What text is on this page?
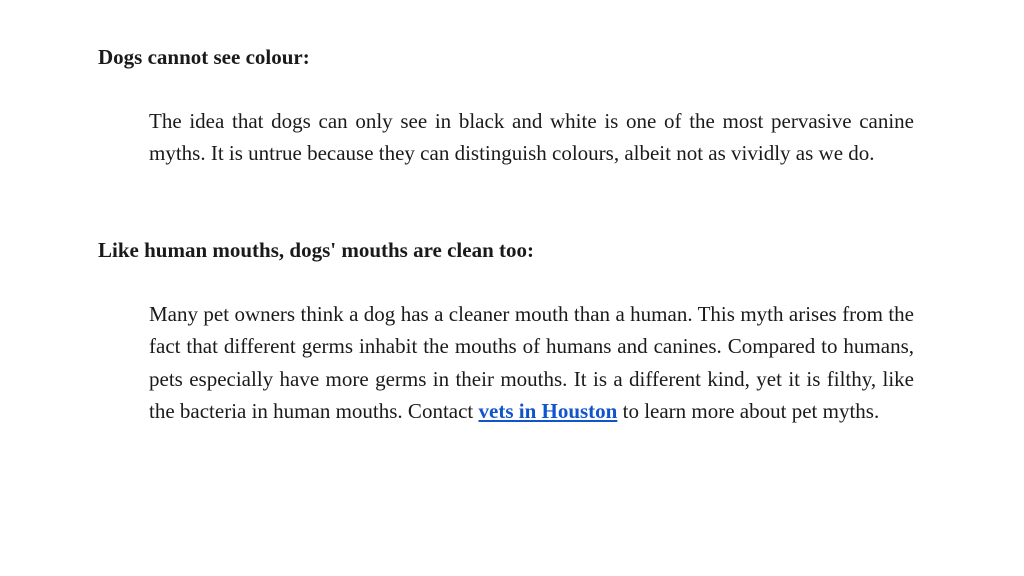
Dogs cannot see colour:

The idea that dogs can only see in black and white is one of the most pervasive canine myths. It is untrue because they can distinguish colours, albeit not as vividly as we do.

Like human mouths, dogs' mouths are clean too:

Many pet owners think a dog has a cleaner mouth than a human. This myth arises from the fact that different germs inhabit the mouths of humans and canines. Compared to humans, pets especially have more germs in their mouths. It is a different kind, yet it is filthy, like the bacteria in human mouths. Contact vets in Houston to learn more about pet myths.
